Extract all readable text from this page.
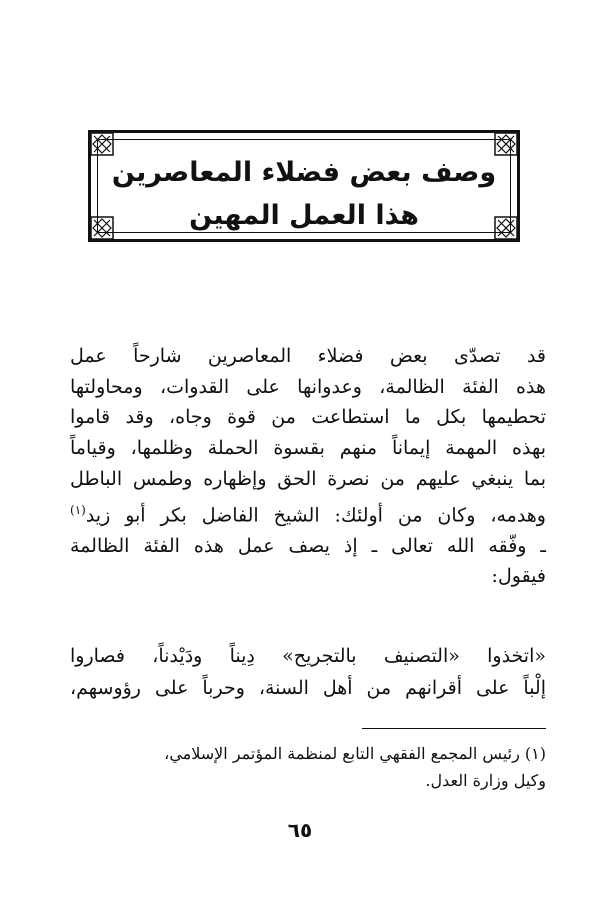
وصف بعض فضلاء المعاصرين
هذا العمل المهين
قد تصدّى بعض فضلاء المعاصرين شارحاً عمل
هذه الفئة الظالمة، وعدوانها على القدوات، ومحاولتها
تحطيمها بكل ما استطاعت من قوة وجاه، وقد قاموا
بهذه المهمة إيماناً منهم بقسوة الحملة وظلمها، وقياماً
بما ينبغي عليهم من نصرة الحق وإظهاره وطمس الباطل
وهدمه، وكان من أولئك: الشيخ الفاضل بكر أبو زيد$^{(١)}$
ـ وفّقه الله تعالى ـ إذ يصف عمل هذه الفئة الظالمة
فيقول:
«اتخذوا «التصنيف بالتجريح» دِيناً ودَيْدناً، فصاروا
إلْباً على أقرانهم من أهل السنة، وحرباً على رؤوسهم،
(١) رئيس المجمع الفقهي التابع لمنظمة المؤتمر الإسلامي،
وكيل وزارة العدل.
٦٥
